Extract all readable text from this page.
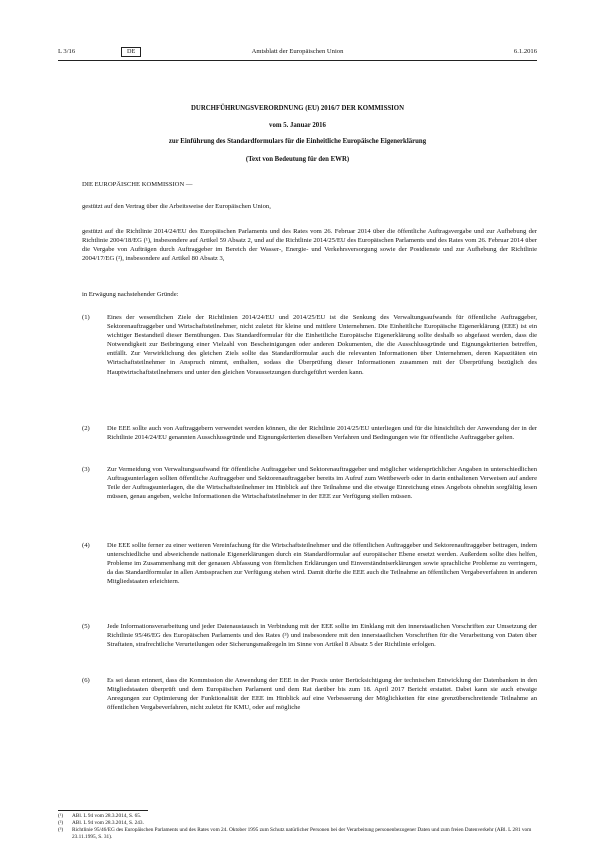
L 3/16	DE	Amtsblatt der Europäischen Union	6.1.2016
DURCHFÜHRUNGSVERORDNUNG (EU) 2016/7 DER KOMMISSION
vom 5. Januar 2016
zur Einführung des Standardformulars für die Einheitliche Europäische Eigenerklärung
(Text von Bedeutung für den EWR)
DIE EUROPÄISCHE KOMMISSION —
gestützt auf den Vertrag über die Arbeitsweise der Europäischen Union,
gestützt auf die Richtlinie 2014/24/EU des Europäischen Parlaments und des Rates vom 26. Februar 2014 über die öffentliche Auftragsvergabe und zur Aufhebung der Richtlinie 2004/18/EG (¹), insbesondere auf Artikel 59 Absatz 2, und auf die Richtlinie 2014/25/EU des Europäischen Parlaments und des Rates vom 26. Februar 2014 über die Vergabe von Aufträgen durch Auftraggeber im Bereich der Wasser-, Energie- und Verkehrsversorgung sowie der Postdienste und zur Aufhebung der Richtlinie 2004/17/EG (²), insbesondere auf Artikel 80 Absatz 3,
in Erwägung nachstehender Gründe:
(1)	Eines der wesentlichen Ziele der Richtlinien 2014/24/EU und 2014/25/EU ist die Senkung des Verwaltungsaufwands für öffentliche Auftraggeber, Sektorenauftraggeber und Wirtschaftsteilnehmer, nicht zuletzt für kleine und mittlere Unternehmen. Die Einheitliche Europäische Eigenerklärung (EEE) ist ein wichtiger Bestandteil dieser Bemühungen. Das Standardformular für die Einheitliche Europäische Eigenerklärung sollte deshalb so abgefasst werden, dass die Notwendigkeit zur Beibringung einer Vielzahl von Bescheinigungen oder anderen Dokumenten, die die Ausschlussgründe und Eignungskriterien betreffen, entfällt. Zur Verwirklichung des gleichen Ziels sollte das Standardformular auch die relevanten Informationen über Unternehmen, deren Kapazitäten ein Wirtschaftsteilnehmer in Anspruch nimmt, enthalten, sodass die Überprüfung dieser Informationen zusammen mit der Überprüfung bezüglich des Hauptwirtschaftsteilnehmers und unter den gleichen Voraussetzungen durchgeführt werden kann.
(2)	Die EEE sollte auch von Auftraggebern verwendet werden können, die der Richtlinie 2014/25/EU unterliegen und für die hinsichtlich der Anwendung der in der Richtlinie 2014/24/EU genannten Ausschlussgründe und Eignungskriterien dieselben Verfahren und Bedingungen wie für öffentliche Auftraggeber gelten.
(3)	Zur Vermeidung von Verwaltungsaufwand für öffentliche Auftraggeber und Sektorenauftraggeber und möglicher widersprüchlicher Angaben in unterschiedlichen Auftragsunterlagen sollten öffentliche Auftraggeber und Sektorenauftraggeber bereits im Aufruf zum Wettbewerb oder in darin enthaltenen Verweisen auf andere Teile der Auftragsunterlagen, die die Wirtschaftsteilnehmer im Hinblick auf ihre Teilnahme und die etwaige Einreichung eines Angebots ohnehin sorgfältig lesen müssen, genau angeben, welche Informationen die Wirtschaftsteilnehmer in der EEE zur Verfügung stellen müssen.
(4)	Die EEE sollte ferner zu einer weiteren Vereinfachung für die Wirtschaftsteilnehmer und die öffentlichen Auftraggeber und Sektorenauftraggeber beitragen, indem unterschiedliche und abweichende nationale Eigenerklärungen durch ein Standardformular auf europäischer Ebene ersetzt werden. Außerdem sollte dies helfen, Probleme im Zusammenhang mit der genauen Abfassung von förmlichen Erklärungen und Einverständniserklärungen sowie sprachliche Probleme zu verringern, da das Standardformular in allen Amtssprachen zur Verfügung stehen wird. Damit dürfte die EEE auch die Teilnahme an öffentlichen Vergabeverfahren in anderen Mitgliedstaaten erleichtern.
(5)	Jede Informationsverarbeitung und jeder Datenaustausch in Verbindung mit der EEE sollte im Einklang mit den innerstaatlichen Vorschriften zur Umsetzung der Richtlinie 95/46/EG des Europäischen Parlaments und des Rates (³) und insbesondere mit den innerstaatlichen Vorschriften für die Verarbeitung von Daten über Straftaten, strafrechtliche Verurteilungen oder Sicherungsmaßregeln im Sinne von Artikel 8 Absatz 5 der Richtlinie erfolgen.
(6)	Es sei daran erinnert, dass die Kommission die Anwendung der EEE in der Praxis unter Berücksichtigung der technischen Entwicklung der Datenbanken in den Mitgliedstaaten überprüft und dem Europäischen Parlament und dem Rat darüber bis zum 18. April 2017 Bericht erstattet. Dabei kann sie auch etwaige Anregungen zur Optimierung der Funktionalität der EEE im Hinblick auf eine Verbesserung der Möglichkeiten für eine grenzüberschreitende Teilnahme an öffentlichen Vergabeverfahren, nicht zuletzt für KMU, oder auf mögliche
(¹) ABl. L 94 vom 28.3.2014, S. 65.
(²) ABl. L 94 vom 28.3.2014, S. 243.
(³) Richtlinie 95/46/EG des Europäischen Parlaments und des Rates vom 24. Oktober 1995 zum Schutz natürlicher Personen bei der Verarbeitung personenbezogener Daten und zum freien Datenverkehr (ABl. L 281 vom 23.11.1995, S. 31).
